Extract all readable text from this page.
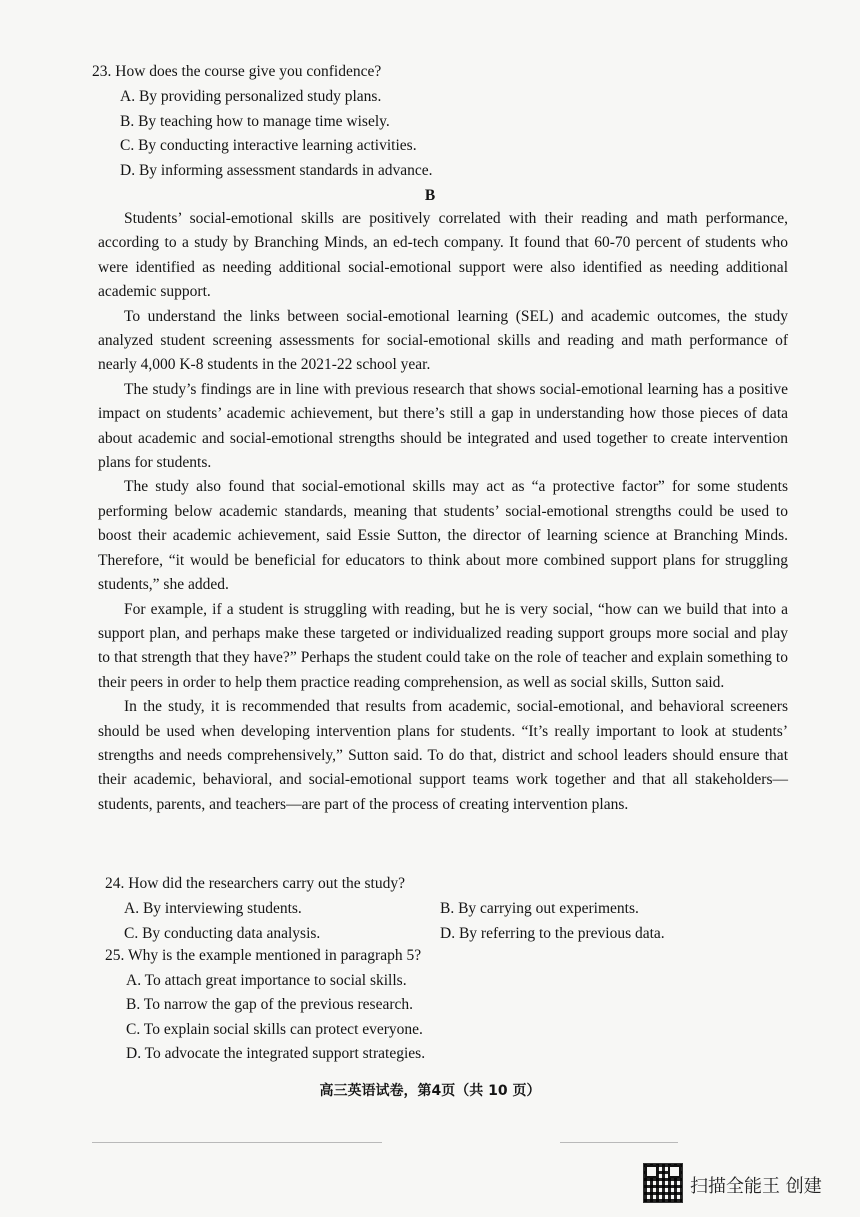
23. How does the course give you confidence?
A. By providing personalized study plans.
B. By teaching how to manage time wisely.
C. By conducting interactive learning activities.
D. By informing assessment standards in advance.
B

Students’ social-emotional skills are positively correlated with their reading and math performance, according to a study by Branching Minds, an ed-tech company. It found that 60-70 percent of students who were identified as needing additional social-emotional support were also identified as needing additional academic support.

To understand the links between social-emotional learning (SEL) and academic outcomes, the study analyzed student screening assessments for social-emotional skills and reading and math performance of nearly 4,000 K-8 students in the 2021-22 school year.

The study’s findings are in line with previous research that shows social-emotional learning has a positive impact on students’ academic achievement, but there’s still a gap in understanding how those pieces of data about academic and social-emotional strengths should be integrated and used together to create intervention plans for students.

The study also found that social-emotional skills may act as “a protective factor” for some students performing below academic standards, meaning that students’ social-emotional strengths could be used to boost their academic achievement, said Essie Sutton, the director of learning science at Branching Minds. Therefore, “it would be beneficial for educators to think about more combined support plans for struggling students,” she added.

For example, if a student is struggling with reading, but he is very social, “how can we build that into a support plan, and perhaps make these targeted or individualized reading support groups more social and play to that strength that they have?” Perhaps the student could take on the role of teacher and explain something to their peers in order to help them practice reading comprehension, as well as social skills, Sutton said.

In the study, it is recommended that results from academic, social-emotional, and behavioral screeners should be used when developing intervention plans for students. “It’s really important to look at students’ strengths and needs comprehensively,” Sutton said. To do that, district and school leaders should ensure that their academic, behavioral, and social-emotional support teams work together and that all stakeholders—students, parents, and teachers—are part of the process of creating intervention plans.

24. How did the researchers carry out the study?
A. By interviewing students.	B. By carrying out experiments.
C. By conducting data analysis.	D. By referring to the previous data.
25. Why is the example mentioned in paragraph 5?
A. To attach great importance to social skills.
B. To narrow the gap of the previous research.
C. To explain social skills can protect everyone.
D. To advocate the integrated support strategies.
高三英语试卷，第4页（共 10 页）
扫描全能王 创建
